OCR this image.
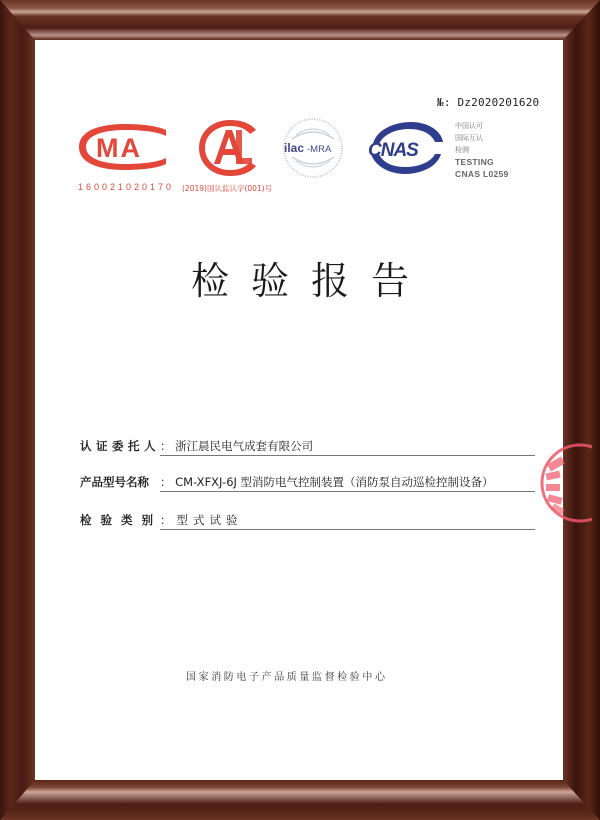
№: Dz2020201620
MA
160021020170 (2019)国认监认字(001)号
ilac -MRA CNAS
中国认可
国际互认
检测
TESTING
CNAS L0259
检验报告
认证委托人 ： 浙江晨民电气成套有限公司
产品型号名称 ： CM-XFXJ-6J 型消防电气控制装置（消防泵自动巡检控制设备）
检验类别
：型式试验
国家消防电子产品质量监督检验中心
